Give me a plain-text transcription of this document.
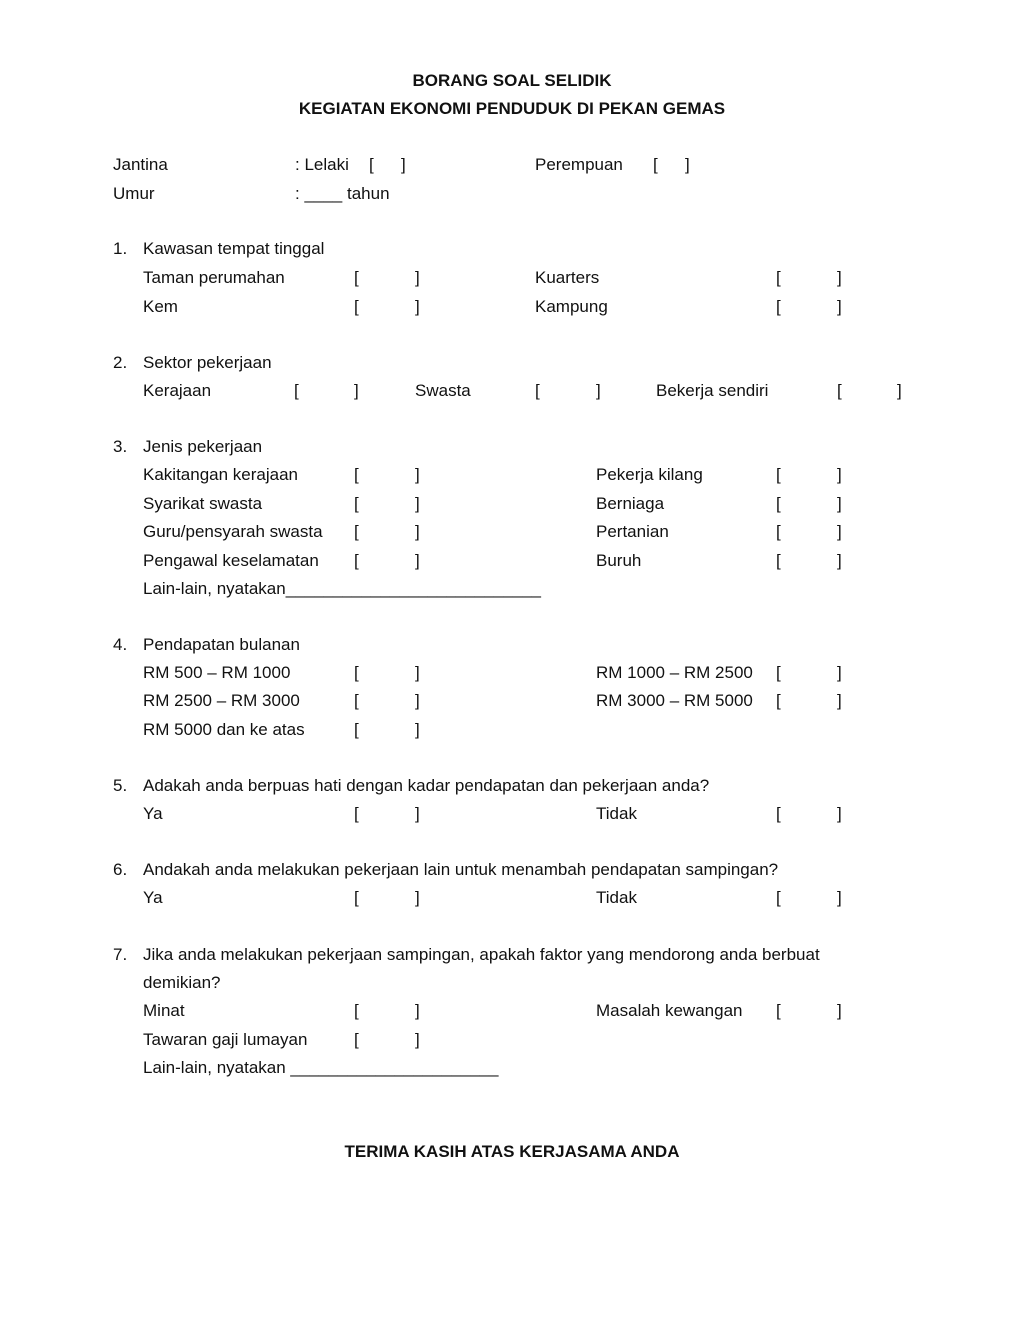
BORANG SOAL SELIDIK
KEGIATAN EKONOMI PENDUDUK DI PEKAN GEMAS
Jantina	: Lelaki [ ]	Perempuan [ ]
Umur	: ____ tahun
1. Kawasan tempat tinggal
Taman perumahan	[	]	Kuarters	[	]
Kem	[	]	Kampung	[	]
2. Sektor pekerjaan
Kerajaan	[	]	Swasta	[	]	Bekerja sendiri	[	]
3. Jenis pekerjaan
Kakitangan kerajaan	[	]	Pekerja kilang	[	]
Syarikat swasta	[	]	Berniaga	[	]
Guru/pensyarah swasta [	]	Pertanian	[	]
Pengawal keselamatan [	]	Buruh	[	]
Lain-lain, nyatakan___________________________
4. Pendapatan bulanan
RM 500 – RM 1000	[	]	RM 1000 – RM 2500 [	]
RM 2500 – RM 3000	[	]	RM 3000 – RM 5000 [	]
RM 5000 dan ke atas	[	]
5. Adakah anda berpuas hati dengan kadar pendapatan dan pekerjaan anda?
Ya	[	]	Tidak	[	]
6. Andakah anda melakukan pekerjaan lain untuk menambah pendapatan sampingan?
Ya	[	]	Tidak	[	]
7. Jika anda melakukan pekerjaan sampingan, apakah faktor yang mendorong anda berbuat
demikian?
Minat	[	]	Masalah kewangan [	]
Tawaran gaji lumayan	[	]
Lain-lain, nyatakan ______________________
TERIMA KASIH ATAS KERJASAMA ANDA
